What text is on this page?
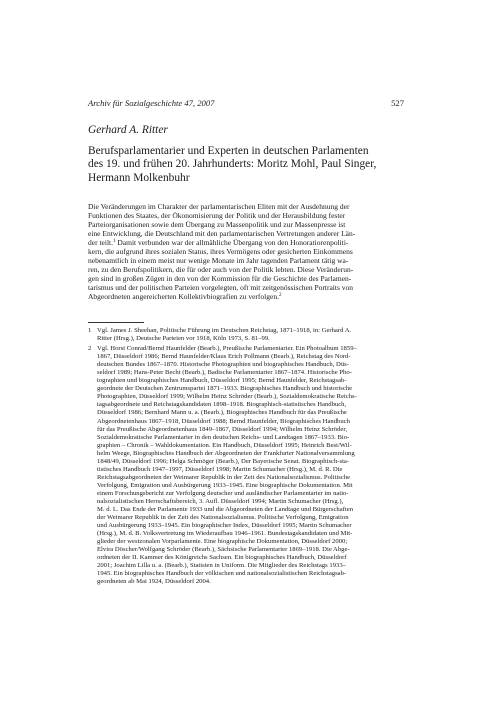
Archiv für Sozialgeschichte 47, 2007	527
Gerhard A. Ritter
Berufsparlamentarier und Experten in deutschen Parlamenten
des 19. und frühen 20. Jahrhunderts: Moritz Mohl, Paul Singer,
Hermann Molkenbuhr
Die Veränderungen im Charakter der parlamentarischen Eliten mit der Ausdehnung der
Funktionen des Staates, der Ökonomisierung der Politik und der Herausbildung fester
Parteiorganisationen sowie dem Übergang zu Massenpolitik und zur Massenpresse ist
eine Entwicklung, die Deutschland mit den parlamentarischen Vertretungen anderer Län-
der teilt.$^1$ Damit verbunden war der allmähliche Übergang von den Honoratiorenpoliti-
kern, die aufgrund ihres sozialen Status, ihres Vermögens oder gesicherten Einkommens
nebenamtlich in einem meist nur wenige Monate im Jahr tagenden Parlament tätig wa-
ren, zu den Berufspolitikern, die für oder auch von der Politik lebten. Diese Veränderun-
gen sind in großen Zügen in den von der Kommission für die Geschichte des Parlamen-
tarismus und der politischen Parteien vorgelegten, oft mit zeitgenössischen Portraits von
Abgeordneten angereicherten Kollektivbiografien zu verfolgen.$^2$
1 Vgl. James J. Sheehan, Politische Führung im Deutschen Reichstag, 1871–1918, in: Gerhard A.
Ritter (Hrsg.), Deutsche Parteien vor 1918, Köln 1973, S. 81–99.
2 Vgl. Horst Conrad/Bernd Haunfelder (Bearb.), Preußische Parlamentarier. Ein Photoalbum 1859–
1867, Düsseldorf 1986; Bernd Haunfelder/Klaus Erich Pollmann (Bearb.), Reichstag des Nord-
deutschen Bundes 1867–1870. Historische Photographien und biographisches Handbuch, Düs-
seldorf 1989; Hans-Peter Becht (Bearb.), Badische Parlamentarier 1867–1874. Historische Pho-
tographien und biographisches Handbuch, Düsseldorf 1995; Bernd Haunfelder, Reichstagsab-
geordnete der Deutschen Zentrumspartei 1871–1933. Biographisches Handbuch und historische
Photographien, Düsseldorf 1999; Wilhelm Heinz Schröder (Bearb.), Sozialdemokratische Reichs-
tagsabgeordnete und Reichstagskandidaten 1898–1918. Biographisch-statistisches Handbuch,
Düsseldorf 1986; Bernhard Mann u. a. (Bearb.), Biographisches Handbuch für das Preußische
Abgeordnetenhaus 1867–1918, Düsseldorf 1988; Bernd Haunfelder, Biographisches Handbuch
für das Preußische Abgeordnetenhaus 1849–1867, Düsseldorf 1994; Wilhelm Heinz Schröder,
Sozialdemokratische Parlamentarier in den deutschen Reichs- und Landtagen 1867–1933. Bio-
graphien – Chronik – Wahldokumentation. Ein Handbuch, Düsseldorf 1995; Heinrich Best/Wil-
helm Weege, Biographisches Handbuch der Abgeordneten der Frankfurter Nationalversammlung
1848/49, Düsseldorf 1996; Helga Schmöger (Bearb.), Der Bayerische Senat. Biographisch-sta-
tistisches Handbuch 1947–1997, Düsseldorf 1998; Martin Schumacher (Hrsg.), M. d. R. Die
Reichstagsabgeordneten der Weimarer Republik in der Zeit des Nationalsozialismus. Politische
Verfolgung, Emigration und Ausbürgerung 1933–1945. Eine biographische Dokumentation. Mit
einem Forschungsbericht zur Verfolgung deutscher und ausländischer Parlamentarier im natio-
nalsozialistischen Herrschaftsbereich, 3. Aufl. Düsseldorf 1994; Martin Schumacher (Hrsg.),
M. d. L. Das Ende der Parlamente 1933 und die Abgeordneten der Landtage und Bürgerschaften
der Weimarer Republik in der Zeit des Nationalsozialismus. Politische Verfolgung, Emigration
und Ausbürgerung 1933–1945. Ein biographischer Index, Düsseldorf 1995; Martin Schumacher
(Hrsg.), M. d. B. Volksvertretung im Wiederaufbau 1946–1961. Bundestagskandidaten und Mit-
glieder der westzonalen Vorparlamente. Eine biographische Dokumentation, Düsseldorf 2000;
Elvira Döscher/Wolfgang Schröder (Bearb.), Sächsische Parlamentarier 1869–1918. Die Abge-
ordneten der II. Kammer des Königreichs Sachsen. Ein biographisches Handbuch, Düsseldorf
2001; Joachim Lilla u. a. (Bearb.), Statisten in Uniform. Die Mitglieder des Reichstags 1933–
1945. Ein biographisches Handbuch der völkischen und nationalsozialistischen Reichstagsab-
geordneten ab Mai 1924, Düsseldorf 2004.
